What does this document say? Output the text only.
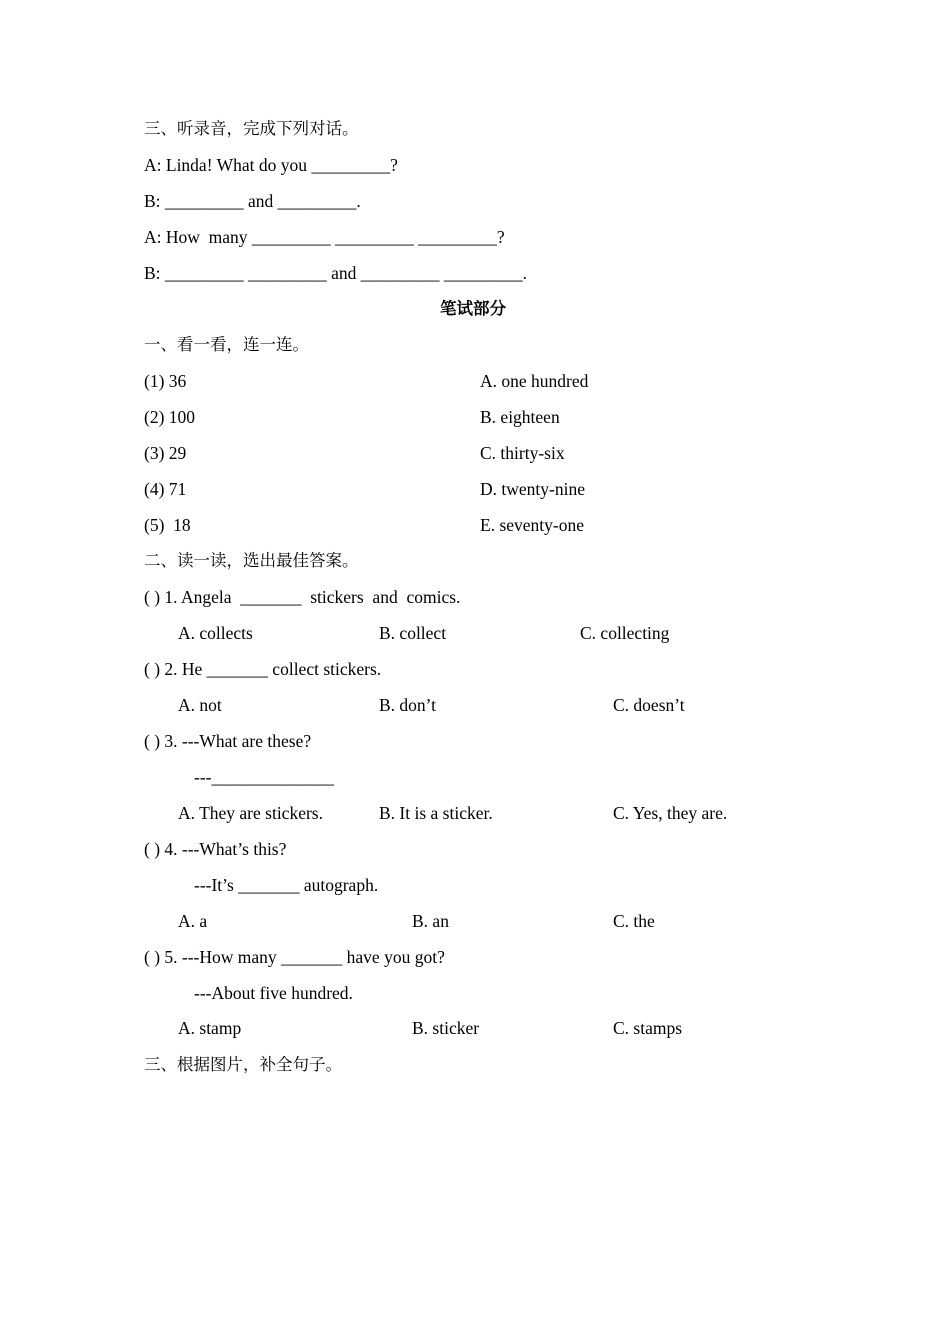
三、听录音，完成下列对话。
A: Linda! What do you _________?
B: _________ and _________.
A: How  many _________ _________ _________?
B: _________ _________ and _________ _________.
笔试部分
一、看一看，连一连。
(1) 36	A. one hundred
(2) 100	B. eighteen
(3) 29	C. thirty-six
(4) 71	D. twenty-nine
(5)  18	E. seventy-one
二、读一读，选出最佳答案。
( ) 1. Angela  _______  stickers  and  comics.
A. collects	B. collect	C. collecting
( ) 2. He _______ collect stickers.
A. not	B. don’t	C. doesn’t
( ) 3. ---What are these?
---______________
A. They are stickers.	B. It is a sticker.	C. Yes, they are.
( ) 4. ---What’s this?
---It’s _______ autograph.
A. a	B. an	C. the
( ) 5. ---How many _______ have you got?
---About five hundred.
A. stamp	B. sticker	C. stamps
三、根据图片，补全句子。
